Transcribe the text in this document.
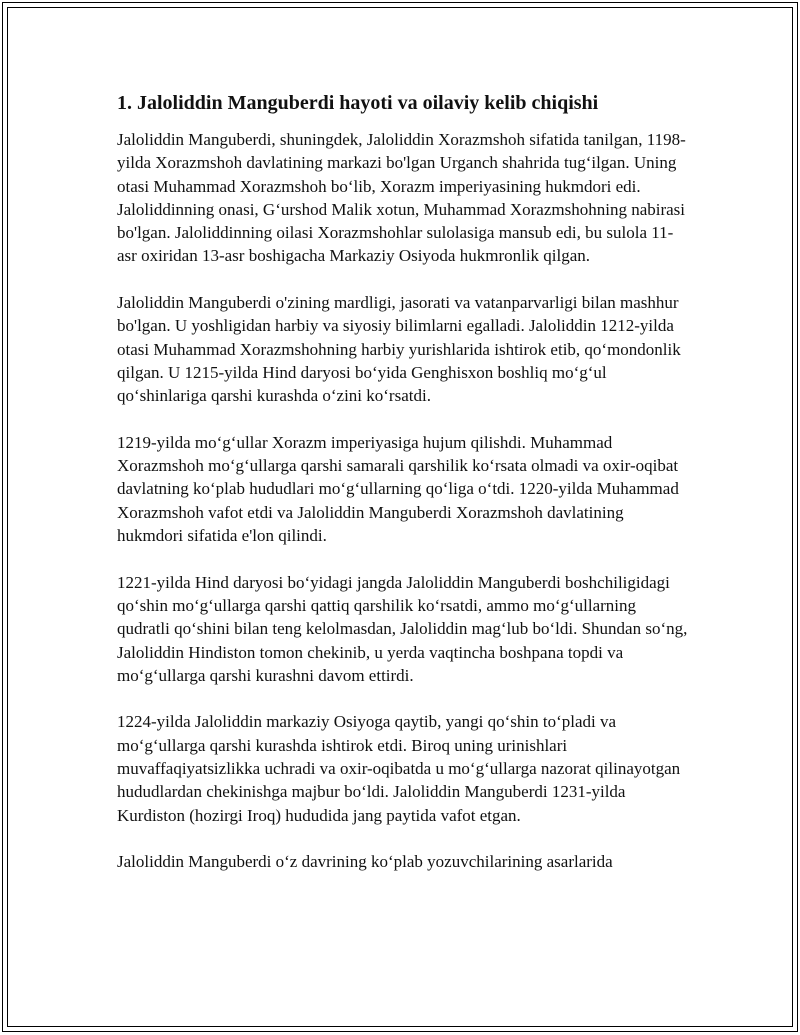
1. Jaloliddin Manguberdi hayoti va oilaviy kelib chiqishi

Jaloliddin Manguberdi, shuningdek, Jaloliddin Xorazmshoh sifatida tanilgan, 1198-yilda Xorazmshoh davlatining markazi bo'lgan Urganch shahrida tug‘ilgan. Uning otasi Muhammad Xorazmshoh bo‘lib, Xorazm imperiyasining hukmdori edi. Jaloliddinning onasi, G‘urshod Malik xotun, Muhammad Xorazmshohning nabirasi bo'lgan. Jaloliddinning oilasi Xorazmshohlar sulolasiga mansub edi, bu sulola 11-asr oxiridan 13-asr boshigacha Markaziy Osiyoda hukmronlik qilgan.

Jaloliddin Manguberdi o'zining mardligi, jasorati va vatanparvarligi bilan mashhur bo'lgan. U yoshligidan harbiy va siyosiy bilimlarni egalladi. Jaloliddin 1212-yilda otasi Muhammad Xorazmshohning harbiy yurishlarida ishtirok etib, qo‘mondonlik qilgan. U 1215-yilda Hind daryosi bo‘yida Genghisxon boshliq mo‘g‘ul qo‘shinlariga qarshi kurashda o‘zini ko‘rsatdi.

1219-yilda mo‘g‘ullar Xorazm imperiyasiga hujum qilishdi. Muhammad Xorazmshoh mo‘g‘ullarga qarshi samarali qarshilik ko‘rsata olmadi va oxir-oqibat davlatning ko‘plab hududlari mo‘g‘ullarning qo‘liga o‘tdi. 1220-yilda Muhammad Xorazmshoh vafot etdi va Jaloliddin Manguberdi Xorazmshoh davlatining hukmdori sifatida e'lon qilindi.

1221-yilda Hind daryosi bo‘yidagi jangda Jaloliddin Manguberdi boshchiligidagi qo‘shin mo‘g‘ullarga qarshi qattiq qarshilik ko‘rsatdi, ammo mo‘g‘ullarning qudratli qo‘shini bilan teng kelolmasdan, Jaloliddin mag‘lub bo‘ldi. Shundan so‘ng, Jaloliddin Hindiston tomon chekinib, u yerda vaqtincha boshpana topdi va mo‘g‘ullarga qarshi kurashni davom ettirdi.

1224-yilda Jaloliddin markaziy Osiyoga qaytib, yangi qo‘shin to‘pladi va mo‘g‘ullarga qarshi kurashda ishtirok etdi. Biroq uning urinishlari muvaffaqiyatsizlikka uchradi va oxir-oqibatda u mo‘g‘ullarga nazorat qilinayotgan hududlardan chekinishga majbur bo‘ldi. Jaloliddin Manguberdi 1231-yilda Kurdiston (hozirgi Iroq) hududida jang paytida vafot etgan.

Jaloliddin Manguberdi o‘z davrining ko‘plab yozuvchilarining asarlarida
